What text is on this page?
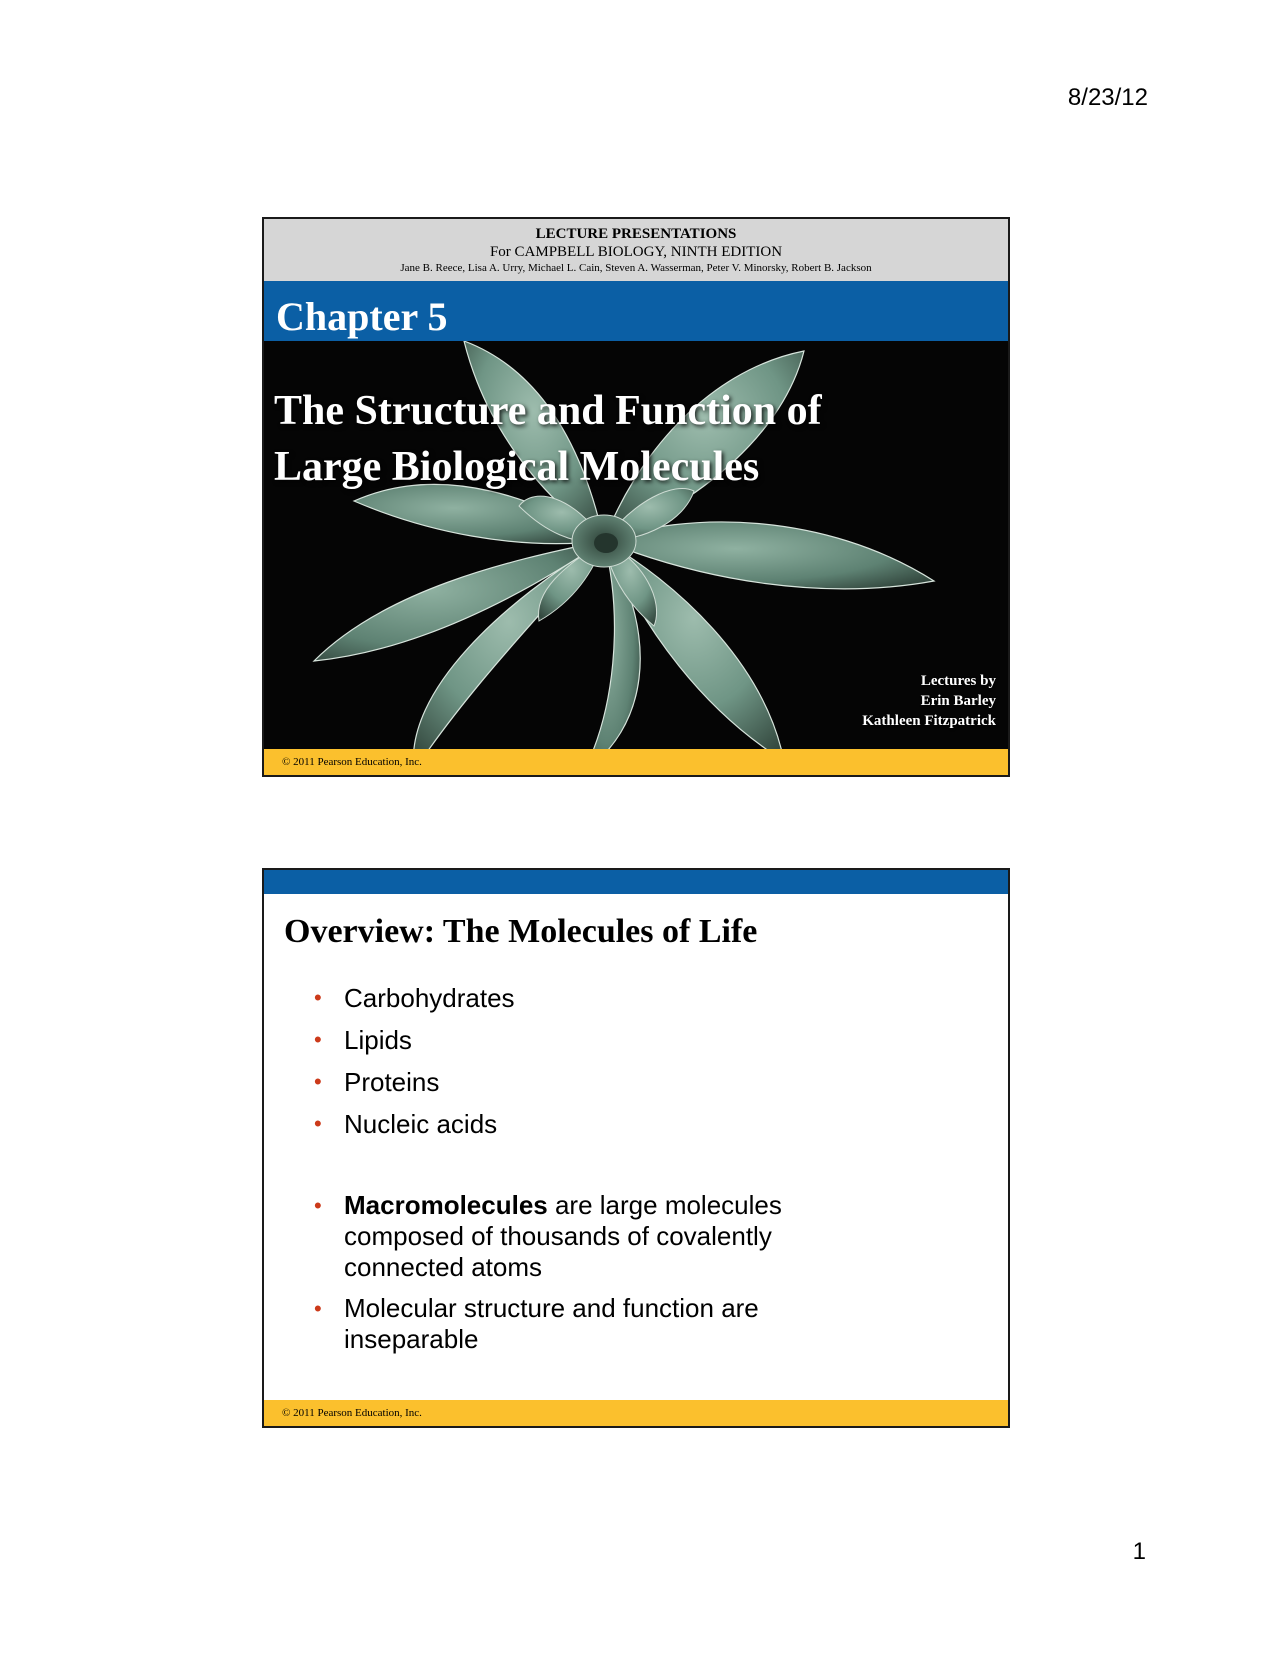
8/23/12
LECTURE PRESENTATIONS
For CAMPBELL BIOLOGY, NINTH EDITION
Jane B. Reece, Lisa A. Urry, Michael L. Cain, Steven A. Wasserman, Peter V. Minorsky, Robert B. Jackson
Chapter 5
The Structure and Function of
Large Biological Molecules
Lectures by
Erin Barley
Kathleen Fitzpatrick
© 2011 Pearson Education, Inc.
Overview: The Molecules of Life
• Carbohydrates
• Lipids
• Proteins
• Nucleic acids
• Macromolecules are large molecules composed of thousands of covalently connected atoms
• Molecular structure and function are inseparable
© 2011 Pearson Education, Inc.
1
